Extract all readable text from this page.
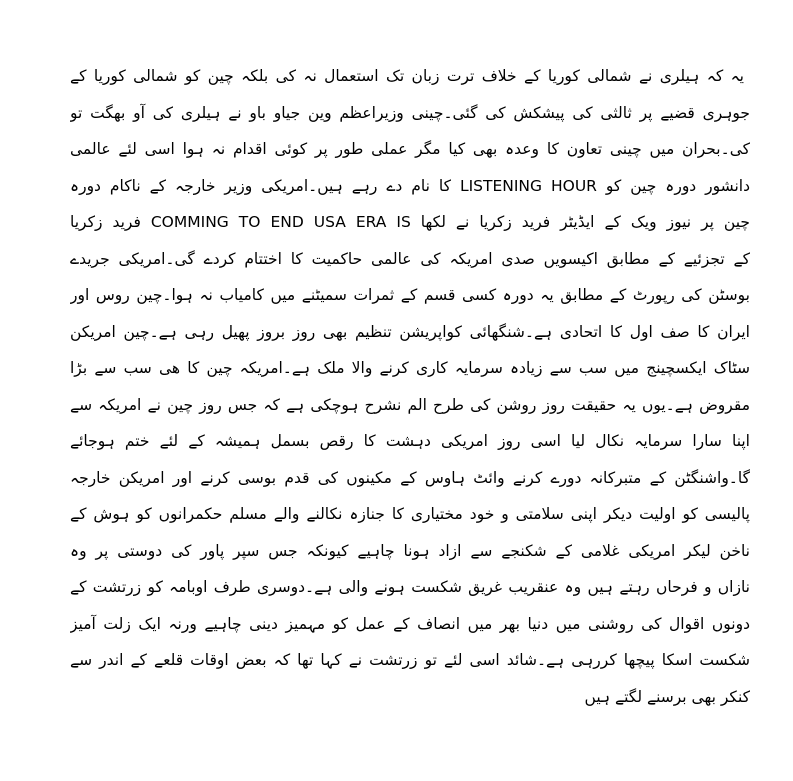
یہ کہ ہیلری نے شمالی کوریا کے خلاف ترت زبان تک استعمال نہ کی بلکہ چین کو شمالی کوریا کے
جوہری قضیے پر ثالثی کی پیشکش کی گئی۔چینی وزیراعظم وین جیاو باو نے ہیلری کی آو بھگت تو
کی۔بحران میں چینی تعاون کا وعدہ بھی کیا مگر عملی طور پر کوئی اقدام نہ ہوا اسی لئے عالمی
دانشور دورہ چین کو LISTENING HOUR کا نام دے رہے ہیں۔امریکی وزیر خارجہ کے ناکام دورہ
چین پر نیوز ویک کے ایڈیٹر فرید زکریا نے لکھا COMMING TO END USA ERA IS فرید زکریا
کے تجزئیے کے مطابق اکیسویں صدی امریکہ کی عالمی حاکمیت کا اختتام کردے گی۔امریکی جریدے
بوسٹن کی رپورٹ کے مطابق یہ دورہ کسی قسم کے ثمرات سمیٹنے میں کامیاب نہ ہوا۔چین روس اور
ایران کا صف اول کا اتحادی ہے۔شنگھائی کواپریشن تنظیم بھی روز بروز پھیل رہی ہے۔چین امریکن
سٹاک ایکسچینج میں سب سے زیادہ سرمایہ کاری کرنے والا ملک ہے۔امریکہ چین کا ھی سب سے بڑا
مقروض ہے۔یوں یہ حقیقت روز روشن کی طرح الم نشرح ہوچکی ہے کہ جس روز چین نے امریکہ سے
اپنا سارا سرمایہ نکال لیا اسی روز امریکی دہشت کا رقص بسمل ہمیشہ کے لئے ختم ہوجائے
گا۔واشنگٹن کے متبرکانہ دورے کرنے وائٹ ہاوس کے مکینوں کی قدم بوسی کرنے اور امریکن خارجہ
پالیسی کو اولیت دیکر اپنی سلامتی و خود مختیاری کا جنازہ نکالنے والے مسلم حکمرانوں کو ہوش کے
ناخن لیکر امریکی غلامی کے شکنجے سے ازاد ہونا چاہیے کیونکہ جس سپر پاور کی دوستی پر وہ
نازاں و فرحاں رہتے ہیں وہ عنقریب غریق شکست ہونے والی ہے۔دوسری طرف اوبامہ کو زرتشت کے
دونوں اقوال کی روشنی میں دنیا بھر میں انصاف کے عمل کو مہمیز دینی چاہیے ورنہ ایک زلت آمیز
شکست اسکا پیچھا کررہی ہے۔شائد اسی لئے تو زرتشت نے کہا تھا کہ بعض اوقات قلعے کے اندر سے
کنکر بھی برسنے لگتے ہیں
